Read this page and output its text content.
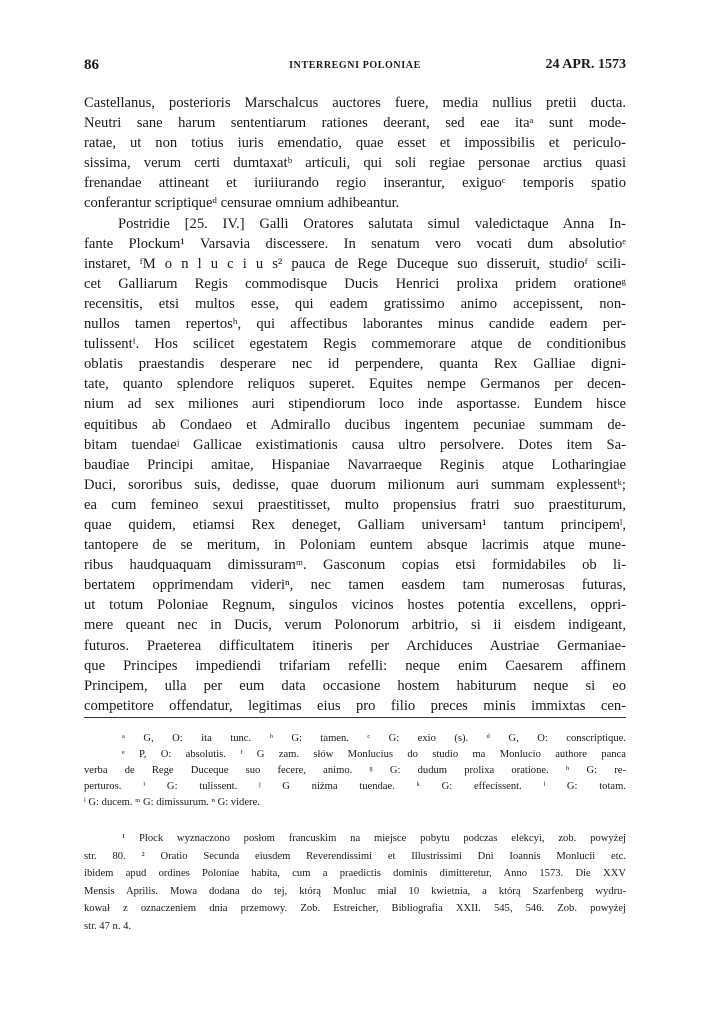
86	INTERREGNI POLONIAE	24 APR. 1573
Castellanus, posterioris Marschalcus auctores fuere, media nullius pretii ducta.
Neutri sane harum sententiarum rationes deerant, sed eae itaᵃ sunt mode-
ratae, ut non totius iuris emendatio, quae esset et impossibilis et periculo-
sissima, verum certi dumtaxatᵇ articuli, qui soli regiae personae arctius quasi
frenandae attineant et iuriiurando regio inserantur, exiguoᶜ temporis spatio
conferantur scriptiqueᵈ censurae omnium adhibeantur.
Postridie [25. IV.] Galli Oratores salutata simul valedictaque Anna In-
fante Plockum¹ Varsavia discessere. In senatum vero vocati dum absolutioᵉ
instaret, ᶠM o n l u c i u s² pauca de Rege Duceque suo disseruit, studioᶠ scili-
cet Galliarum Regis commodisque Ducis Henrici prolixa pridem orationeᵍ
recensitis, etsi multos esse, qui eadem gratissimo animo accepissent, non-
nullos tamen repertosʰ, qui affectibus laborantes minus candide eadem per-
tulissentⁱ. Hos scilicet egestatem Regis commemorare atque de conditionibus
oblatis praestandis desperare nec id perpendere, quanta Rex Galliae digni-
tate, quanto splendore reliquos superet. Equites nempe Germanos per decen-
nium ad sex miliones auri stipendiorum loco inde asportasse. Eundem hisce
equitibus ab Condaeo et Admirallo ducibus ingentem pecuniae summam de-
bitam tuendaeʲ Gallicae existimationis causa ultro persolvere. Dotes item Sa-
baudiae Principi amitae, Hispaniae Navarraeque Reginis atque Lotharingiae
Duci, sororibus suis, dedisse, quae duorum milionum auri summam explessentᵏ;
ea cum femineo sexui praestitisset, multo propensius fratri suo praestiturum,
quae quidem, etiamsi Rex deneget, Galliam universam¹ tantum principemˡ,
tantopere de se meritum, in Poloniam euntem absque lacrimis atque mune-
ribus haudquaquam dimissuramᵐ. Gasconum copias etsi formidabiles ob li-
bertatem opprimendam videriⁿ, nec tamen easdem tam numerosas futuras,
ut totum Poloniae Regnum, singulos vicinos hostes potentia excellens, oppri-
mere queant nec in Ducis, verum Polonorum arbitrio, si ii eisdem indigeant,
futuros. Praeterea difficultatem itineris per Archiduces Austriae Germaniae-
que Principes impediendi trifariam refelli: neque enim Caesarem affinem
Principem, ulla per eum data occasione hostem habiturum neque si eo
competitore offendatur, legitimas eius pro filio preces minis immixtas cen-
ᵃ G, O: ita tunc. ᵇ G: tamen. ᶜ G: exio (s). ᵈ G, O: conscriptique.
ᵉ P, O: absolutis. ᶠ G zam. słów Monlucius do studio ma Monlucio authore panca
verba de Rege Duceque suo fecere, animo. ᵍ G: dudum prolixa oratione. ʰ G: re-
perturos. ⁱ G: tulissent. ʲ G niżma tuendae. ᵏ G: effecissent. ˡ G: totam.
ˡ G: ducem. ᵐ G: dimissurum. ⁿ G: videre.
¹ Płock wyznaczono posłom francuskim na miejsce pobytu podczas elekcyi, zob. powyżej
str. 80. ² Oratio Secunda eiusdem Reverendissimi et Illustrissimi Dni Ioannis Monlucii etc.
ibidem apud ordines Poloniae habita, cum a praedictis dominis dimitteretur, Anno 1573. Die XXV
Mensis Aprilis. Mowa dodana do tej, którą Monluc miał 10 kwietnia, a którą Szarfenberg wydru-
kował z oznaczeniem dnia przemowy. Zob. Estreicher, Bibliografia XXII. 545, 546. Zob. powyżej
str. 47 n. 4.
